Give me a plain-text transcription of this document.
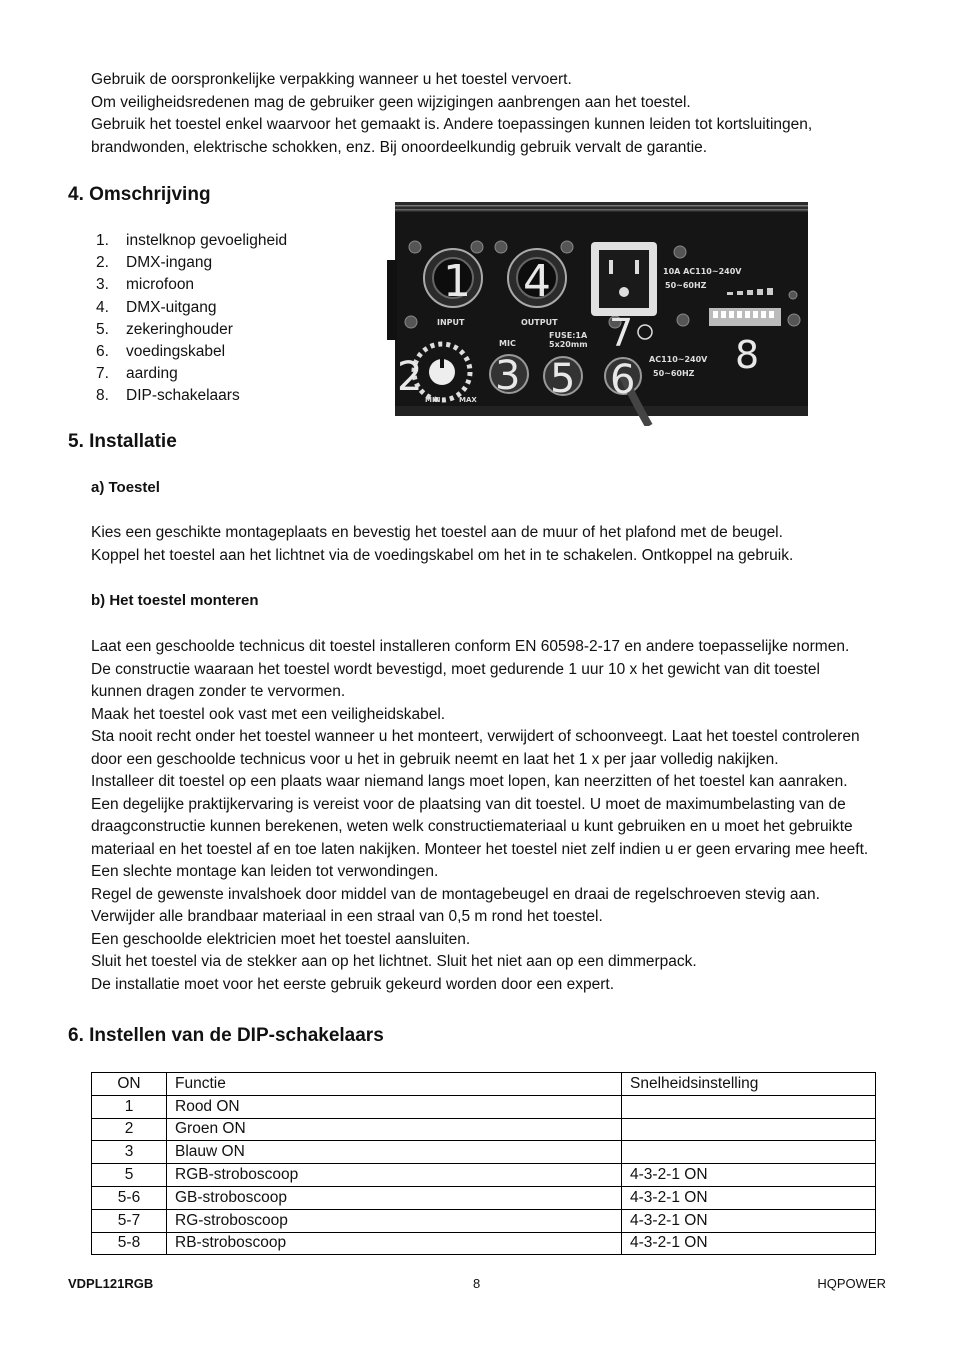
Gebruik de oorspronkelijke verpakking wanneer u het toestel vervoert.
Om veiligheidsredenen mag de gebruiker geen wijzigingen aanbrengen aan het toestel.
Gebruik het toestel enkel waarvoor het gemaakt is. Andere toepassingen kunnen leiden tot kortsluitingen,
brandwonden, elektrische schokken, enz. Bij onoordeelkundig gebruik vervalt de garantie.
4. Omschrijving
1.	instelknop gevoeligheid
2.	DMX-ingang
3.	microfoon
4.	DMX-uitgang
5.	zekeringhouder
6.	voedingskabel
7.	aarding
8.	DIP-schakelaars
1
INPUT
4
OUTPUT
2 MIN	MAX
MIC
3
FUSE:1A
5x20mm
5
10A AC110~240V
50~60HZ
7
6 AC110~240V
50~60HZ 8
5. Installatie
a) Toestel
Kies een geschikte montageplaats en bevestig het toestel aan de muur of het plafond met de beugel.
Koppel het toestel aan het lichtnet via de voedingskabel om het in te schakelen. Ontkoppel na gebruik.
b) Het toestel monteren
Laat een geschoolde technicus dit toestel installeren conform EN 60598-2-17 en andere toepasselijke normen.
De constructie waaraan het toestel wordt bevestigd, moet gedurende 1 uur 10 x het gewicht van dit toestel
kunnen dragen zonder te vervormen.
Maak het toestel ook vast met een veiligheidskabel.
Sta nooit recht onder het toestel wanneer u het monteert, verwijdert of schoonveegt. Laat het toestel controleren
door een geschoolde technicus voor u het in gebruik neemt en laat het 1 x per jaar volledig nakijken.
Installeer dit toestel op een plaats waar niemand langs moet lopen, kan neerzitten of het toestel kan aanraken.
Een degelijke praktijkervaring is vereist voor de plaatsing van dit toestel. U moet de maximumbelasting van de
draagconstructie kunnen berekenen, weten welk constructiemateriaal u kunt gebruiken en u moet het gebruikte
materiaal en het toestel af en toe laten nakijken. Monteer het toestel niet zelf indien u er geen ervaring mee heeft.
Een slechte montage kan leiden tot verwondingen.
Regel de gewenste invalshoek door middel van de montagebeugel en draai de regelschroeven stevig aan.
Verwijder alle brandbaar materiaal in een straal van 0,5 m rond het toestel.
Een geschoolde elektricien moet het toestel aansluiten.
Sluit het toestel via de stekker aan op het lichtnet. Sluit het niet aan op een dimmerpack.
De installatie moet voor het eerste gebruik gekeurd worden door een expert.
6. Instellen van de DIP-schakelaars
ON	Functie	Snelheidsinstelling
1	Rood ON	
2	Groen ON	
3	Blauw ON	
5	RGB-stroboscoop	4-3-2-1 ON
5-6	GB-stroboscoop	4-3-2-1 ON
5-7	RG-stroboscoop	4-3-2-1 ON
5-8	RB-stroboscoop	4-3-2-1 ON
VDPL121RGB	8	HQPOWER
